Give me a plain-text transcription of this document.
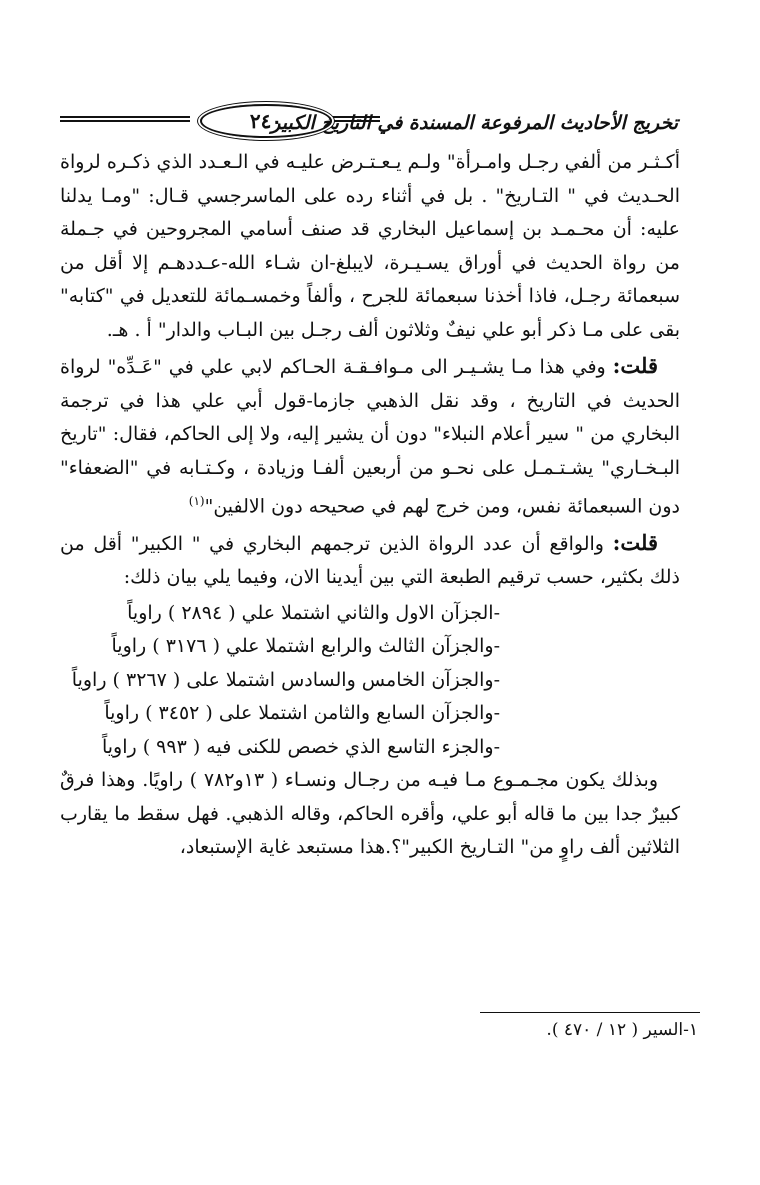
تخريج الأحاديث المرفوعة المسندة في التاريخ الكبير
٢٤٠

أكـثـر من ألفي رجـل وامـرأة" ولـم يـعـتـرض عليـه في الـعـدد الذي ذكـره لرواة الحـديث في " التـاريخ" . بل في أثناء رده على الماسرجسي قـال: "ومـا يدلنا عليه: أن محـمـد بن إسماعيل البخاري قد صنف أسامي المجروحين في جـملة من رواة الحديث في أوراق يسـيـرة، لايبلغ-ان شـاء الله-عـددهـم إلا أقل من سبعمائة رجـل، فاذا أخذنا سبعمائة للجرح ، وألفاً وخمسـمائة للتعديل في "كتابه" بقى على مـا ذكر أبو علي نيفٌ وثلاثون ألف رجـل بين البـاب والدار" أ . هـ.

قلت: وفي هذا مـا يشـيـر الى مـوافـقـة الحـاكم لابي علي في "عَـدِّه" لرواة الحديث في التاريخ ، وقد نقل الذهبي جازما-قول أبي علي هذا في ترجمة البخاري من " سير أعلام النبلاء" دون أن يشير إليه، ولا إلى الحاكم، فقال: "تاريخ البـخـاري" يشـتـمـل على نحـو من أربعين ألفـا وزيادة ، وكـتـابه في "الضعفاء" دون السبعمائة نفس، ومن خرج لهم في صحيحه دون الالفين"$^{(١)}$

قلت: والواقع أن عدد الرواة الذين ترجمهم البخاري في " الكبير" أقل من ذلك بكثير، حسب ترقيم الطبعة التي بين أيدينا الان، وفيما يلي بيان ذلك:

-الجزآن الاول والثاني اشتملا علي ( ٢٨٩٤ ) راوياً
-والجزآن الثالث والرابع اشتملا علي ( ٣١٧٦ ) راوياً
-والجزآن الخامس والسادس اشتملا على ( ٣٢٦٧ ) راوياً
-والجزآن السابع والثامن اشتملا على ( ٣٤٥٢ ) راوياً
-والجزء التاسع الذي خصص للكنى فيه ( ٩٩٣ ) راوياً

وبذلك يكون مجـمـوع مـا فيـه من رجـال ونسـاء ( ١٣و٧٨٢ ) راويًا. وهذا فرقٌ كبيرٌ جدا بين ما قاله أبو علي، وأقره الحاكم، وقاله الذهبي. فهل سقط ما يقارب الثلاثين ألف راوٍ من" التـاريخ الكبير"؟.هذا مستبعد غاية الإستبعاد،

١-السير ( ١٢ / ٤٧٠ ).
